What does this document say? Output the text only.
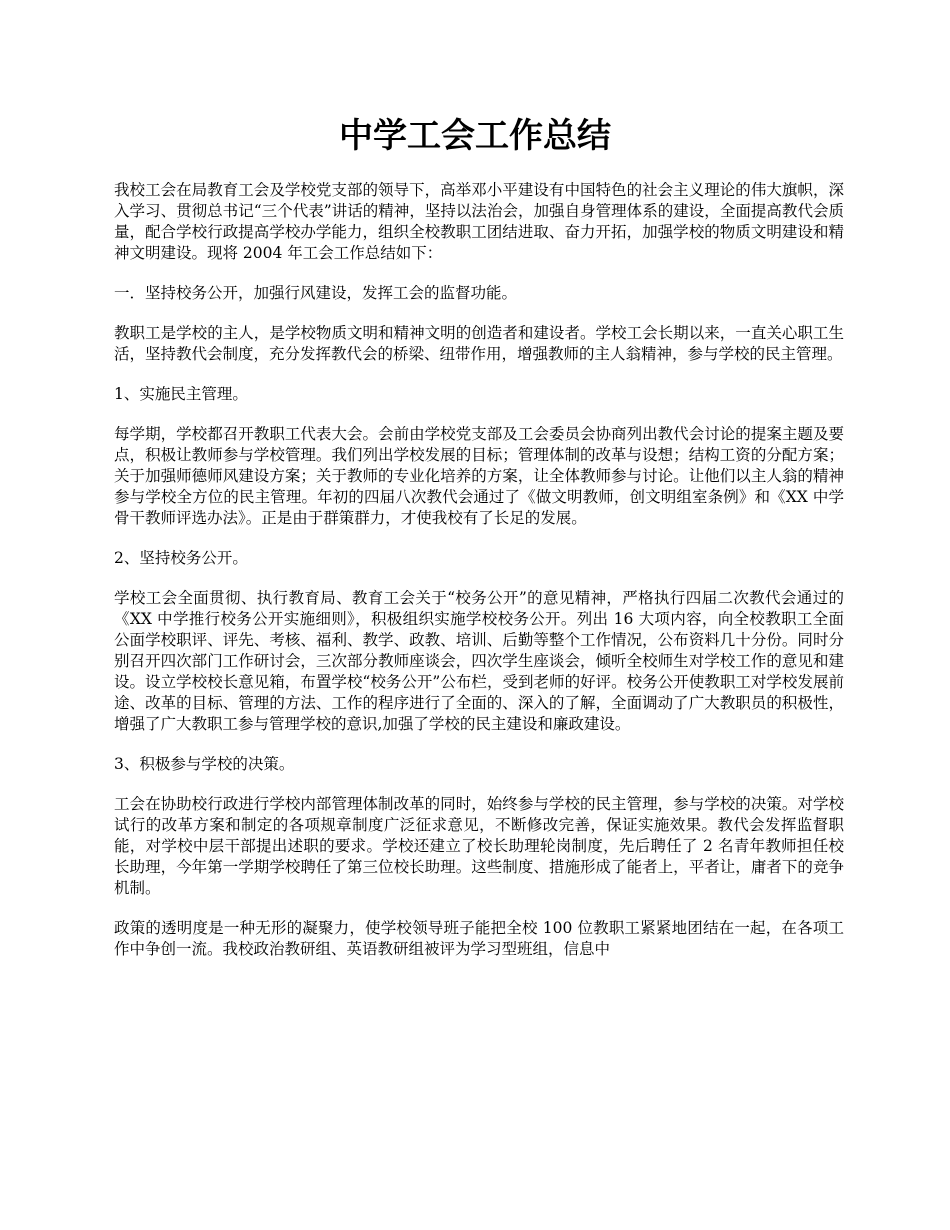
中学工会工作总结

我校工会在局教育工会及学校党支部的领导下，高举邓小平建设有中国特色的社会主义理论的伟大旗帜，深入学习、贯彻总书记“三个代表”讲话的精神，坚持以法治会，加强自身管理体系的建设，全面提高教代会质量，配合学校行政提高学校办学能力，组织全校教职工团结进取、奋力开拓，加强学校的物质文明建设和精神文明建设。现将 2004 年工会工作总结如下：

一．坚持校务公开，加强行风建设，发挥工会的监督功能。

教职工是学校的主人，是学校物质文明和精神文明的创造者和建设者。学校工会长期以来，一直关心职工生活，坚持教代会制度，充分发挥教代会的桥梁、纽带作用，增强教师的主人翁精神，参与学校的民主管理。

1、实施民主管理。

每学期，学校都召开教职工代表大会。会前由学校党支部及工会委员会协商列出教代会讨论的提案主题及要点，积极让教师参与学校管理。我们列出学校发展的目标；管理体制的改革与设想；结构工资的分配方案；关于加强师德师风建设方案；关于教师的专业化培养的方案，让全体教师参与讨论。让他们以主人翁的精神参与学校全方位的民主管理。年初的四届八次教代会通过了《做文明教师，创文明组室条例》和《XX 中学骨干教师评选办法》。正是由于群策群力，才使我校有了长足的发展。

2、坚持校务公开。

学校工会全面贯彻、执行教育局、教育工会关于“校务公开”的意见精神，严格执行四届二次教代会通过的《XX 中学推行校务公开实施细则》，积极组织实施学校校务公开。列出 16 大项内容，向全校教职工全面公面学校职评、评先、考核、福利、教学、政教、培训、后勤等整个工作情况，公布资料几十分份。同时分别召开四次部门工作研讨会，三次部分教师座谈会，四次学生座谈会，倾听全校师生对学校工作的意见和建设。设立学校校长意见箱，布置学校“校务公开”公布栏，受到老师的好评。校务公开使教职工对学校发展前途、改革的目标、管理的方法、工作的程序进行了全面的、深入的了解，全面调动了广大教职员的积极性，增强了广大教职工参与管理学校的意识,加强了学校的民主建设和廉政建设。

3、积极参与学校的决策。

工会在协助校行政进行学校内部管理体制改革的同时，始终参与学校的民主管理，参与学校的决策。对学校试行的改革方案和制定的各项规章制度广泛征求意见，不断修改完善，保证实施效果。教代会发挥监督职能，对学校中层干部提出述职的要求。学校还建立了校长助理轮岗制度，先后聘任了 2 名青年教师担任校长助理，今年第一学期学校聘任了第三位校长助理。这些制度、措施形成了能者上，平者让，庸者下的竞争机制。

政策的透明度是一种无形的凝聚力，使学校领导班子能把全校 100 位教职工紧紧地团结在一起，在各项工作中争创一流。我校政治教研组、英语教研组被评为学习型班组，信息中
